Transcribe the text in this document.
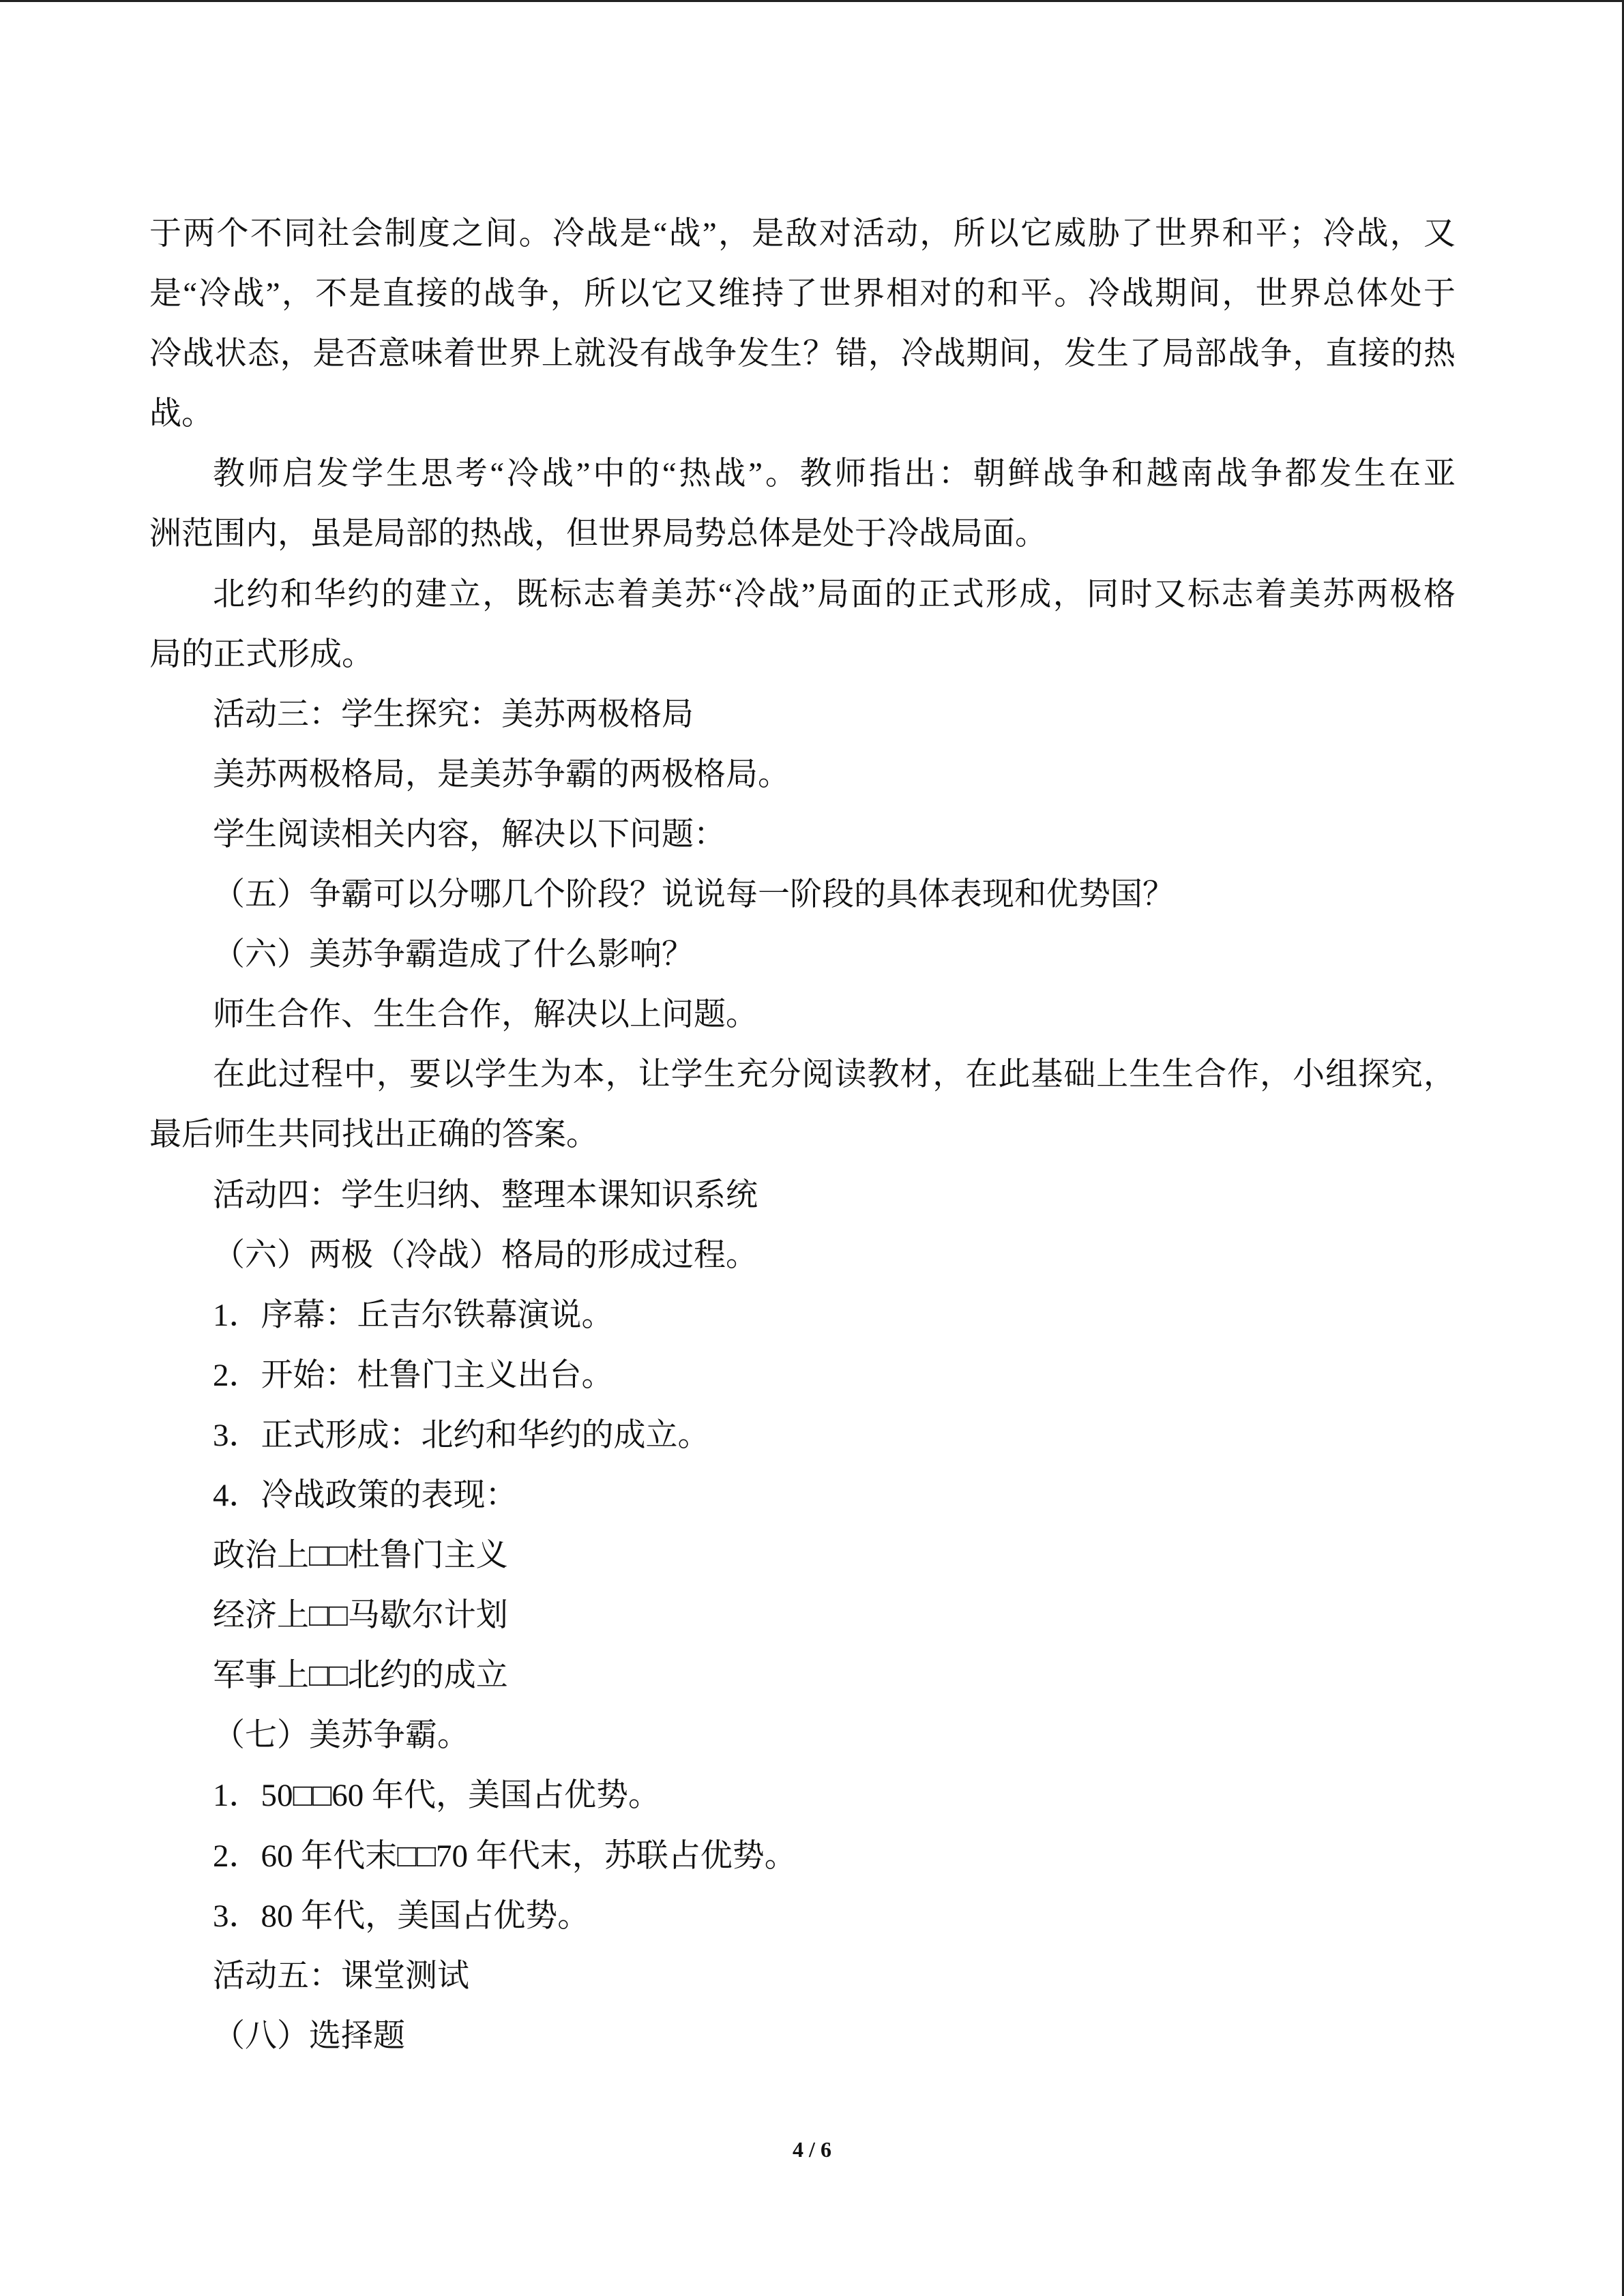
于两个不同社会制度之间。冷战是“战”，是敌对活动，所以它威胁了世界和平；冷战，又
是“冷战”，不是直接的战争，所以它又维持了世界相对的和平。冷战期间，世界总体处于
冷战状态，是否意味着世界上就没有战争发生？错，冷战期间，发生了局部战争，直接的热
战。
教师启发学生思考“冷战”中的“热战”。教师指出：朝鲜战争和越南战争都发生在亚
洲范围内，虽是局部的热战，但世界局势总体是处于冷战局面。
北约和华约的建立，既标志着美苏“冷战”局面的正式形成，同时又标志着美苏两极格
局的正式形成。
活动三：学生探究：美苏两极格局
美苏两极格局，是美苏争霸的两极格局。
学生阅读相关内容，解决以下问题：
（五）争霸可以分哪几个阶段？说说每一阶段的具体表现和优势国？
（六）美苏争霸造成了什么影响？
师生合作、生生合作，解决以上问题。
在此过程中，要以学生为本，让学生充分阅读教材，在此基础上生生合作，小组探究，
最后师生共同找出正确的答案。
活动四：学生归纳、整理本课知识系统
（六）两极（冷战）格局的形成过程。
1．序幕：丘吉尔铁幕演说。
2．开始：杜鲁门主义出台。
3．正式形成：北约和华约的成立。
4．冷战政策的表现：
政治上□□杜鲁门主义
经济上□□马歇尔计划
军事上□□北约的成立
（七）美苏争霸。
1．50□□60 年代，美国占优势。
2．60 年代末□□70 年代末，苏联占优势。
3．80 年代，美国占优势。
活动五：课堂测试
（八）选择题
4 / 6
